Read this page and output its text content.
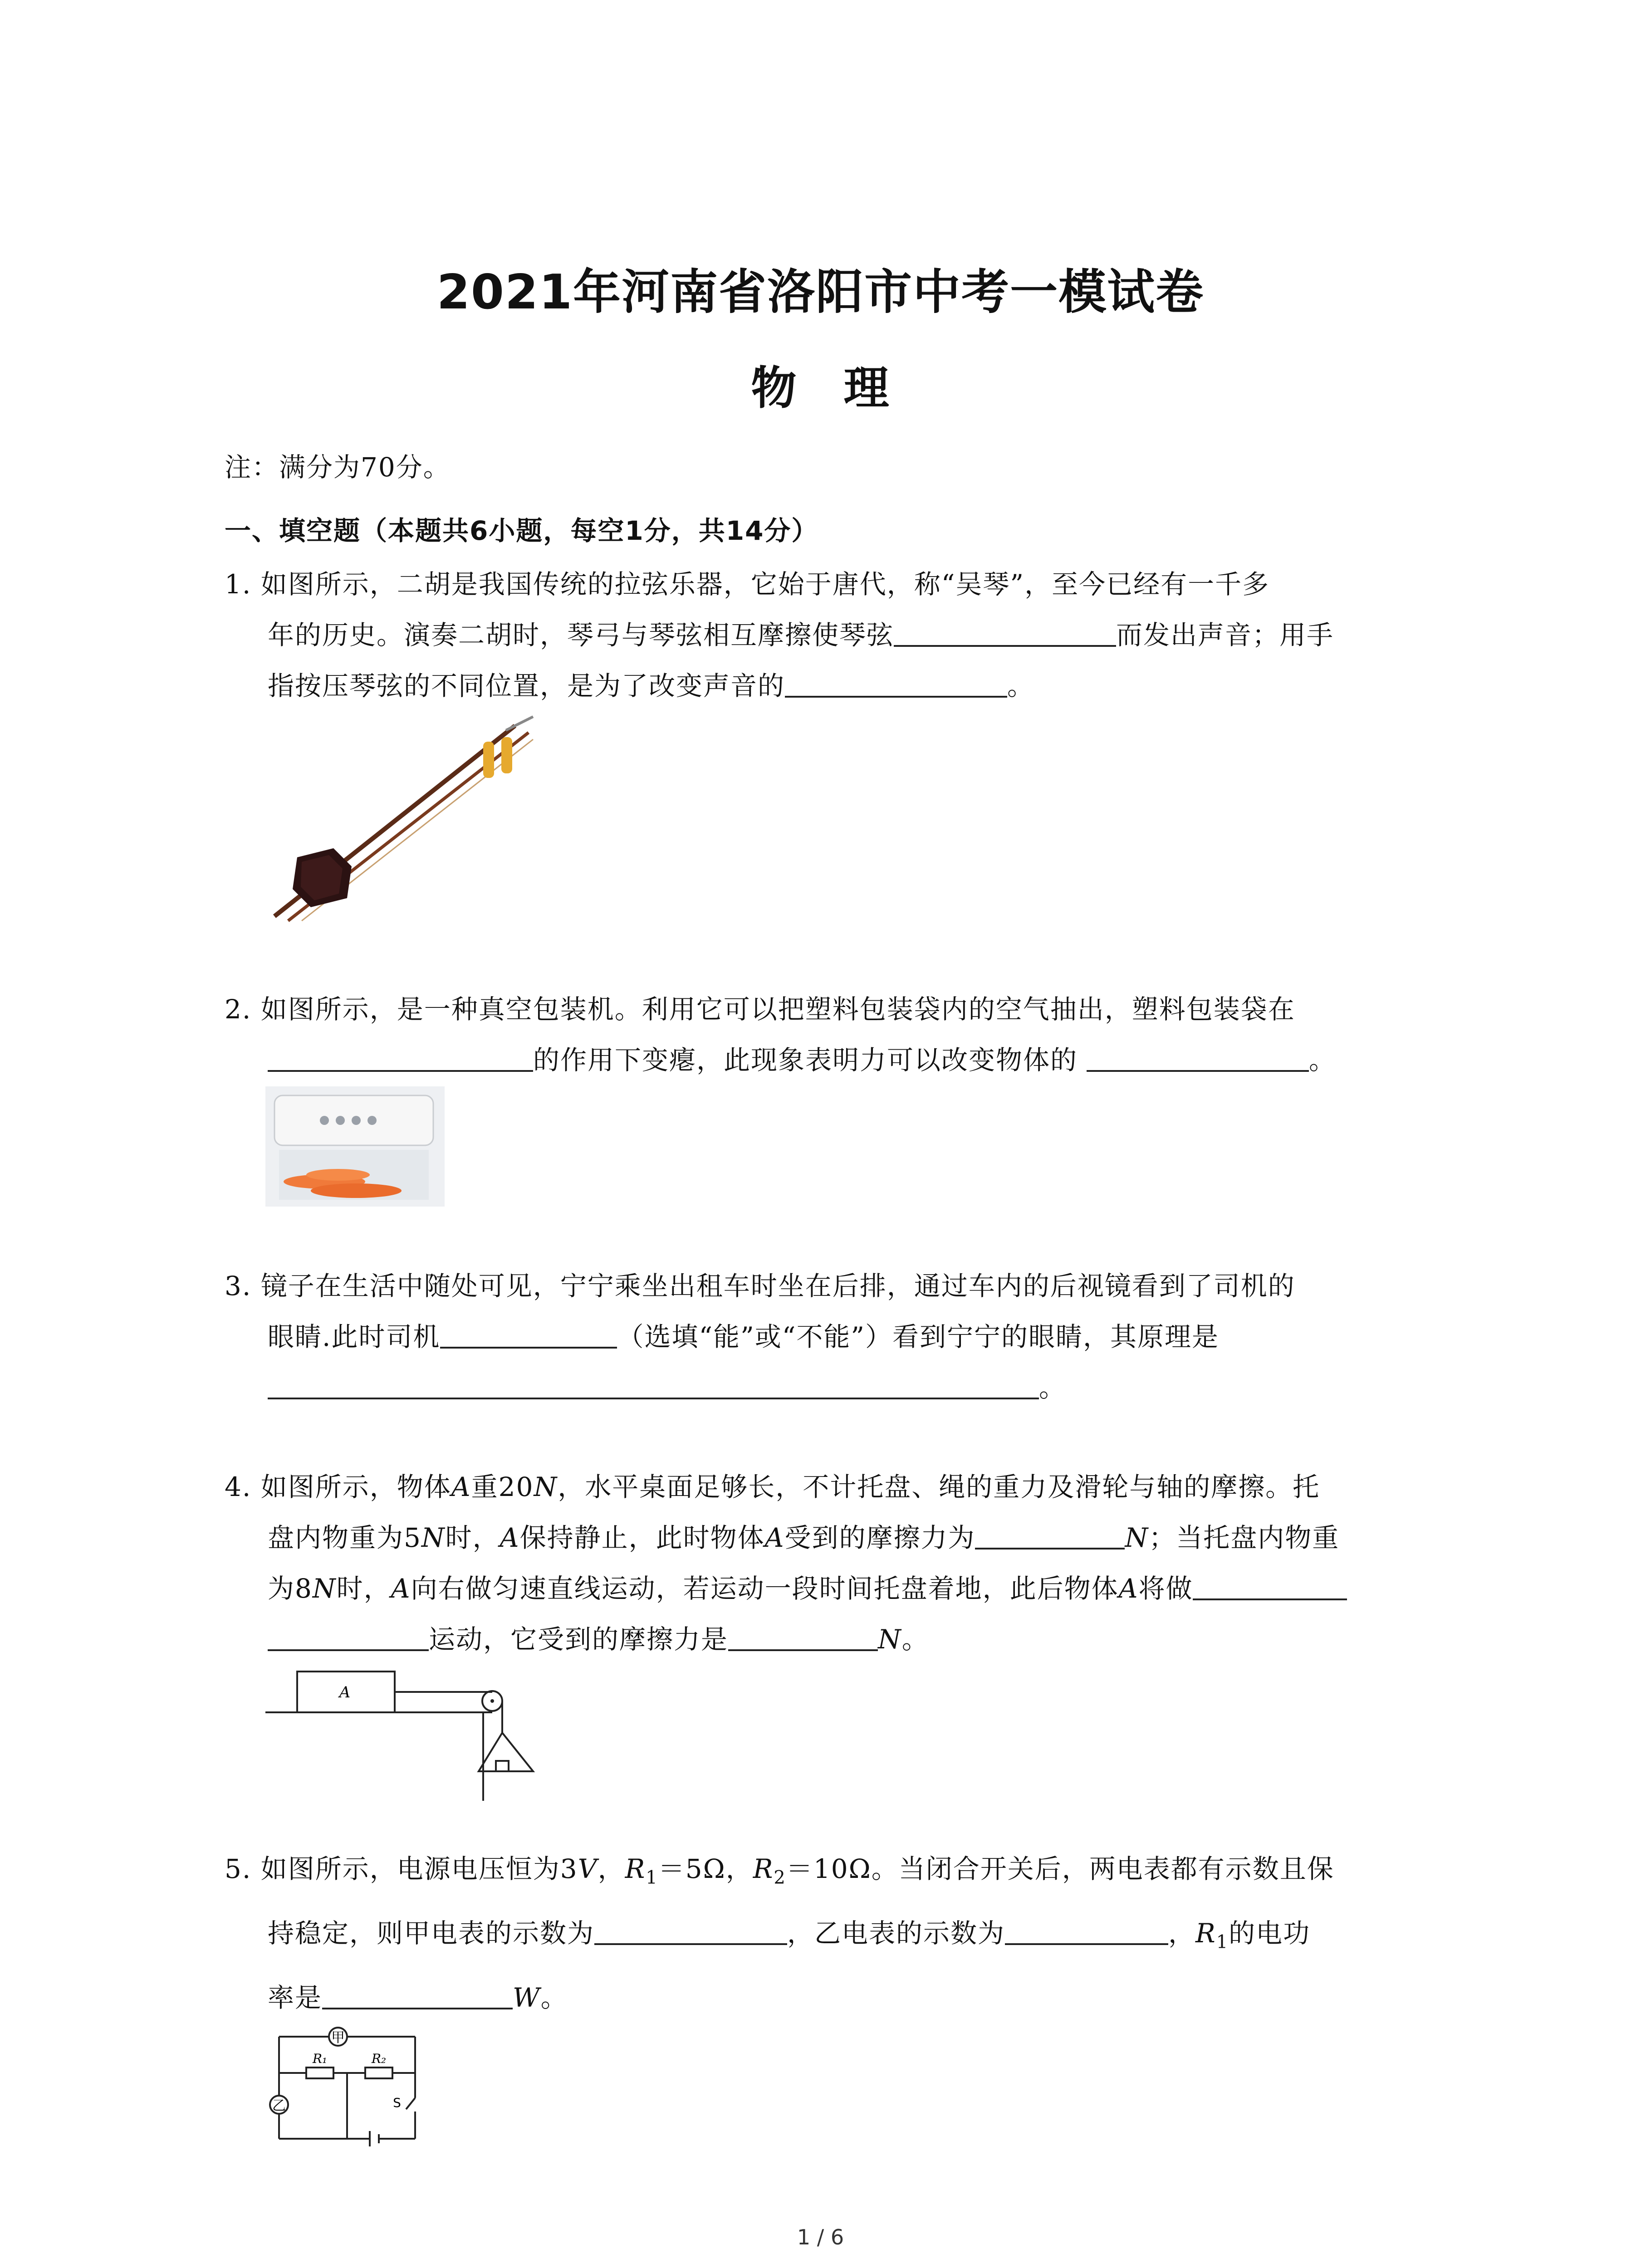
2021年河南省洛阳市中考一模试卷
物　理
注：满分为70分。
一、填空题（本题共6小题，每空1分，共14分）
1. 如图所示，二胡是我国传统的拉弦乐器，它始于唐代，称“吴琴”，至今已经有一千多
年的历史。演奏二胡时，琴弓与琴弦相互摩擦使琴弦	而发出声音；用手
指按压琴弦的不同位置，是为了改变声音的	。
2. 如图所示，是一种真空包装机。利用它可以把塑料包装袋内的空气抽出，塑料包装袋在
的作用下变瘪，此现象表明力可以改变物体的	。
3. 镜子在生活中随处可见，宁宁乘坐出租车时坐在后排，通过车内的后视镜看到了司机的
眼睛.此时司机	（选填“能”或“不能”）看到宁宁的眼睛，其原理是
。
4. 如图所示，物体A重20N，水平桌面足够长，不计托盘、绳的重力及滑轮与轴的摩擦。托
盘内物重为5N时，A保持静止，此时物体A受到的摩擦力为	N；当托盘内物重
为8N时，A向右做匀速直线运动，若运动一段时间托盘着地，此后物体A将做
运动，它受到的摩擦力是	N。
A
5. 如图所示，电源电压恒为3V，$R_1=5\Omega$，$R_2=10\Omega$。当闭合开关后，两电表都有示数且保
持稳定，则甲电表的示数为	，乙电表的示数为	，$R_1$的电功
率是	W。
甲
乙
R₁	R₂
S
1 / 6
